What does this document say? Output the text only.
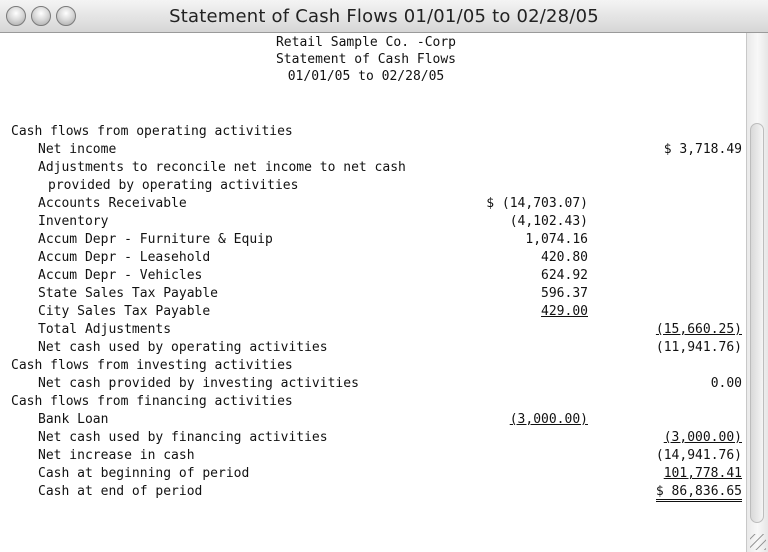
Statement of Cash Flows 01/01/05 to 02/28/05
Retail Sample Co. -Corp
Statement of Cash Flows
01/01/05 to 02/28/05
Cash flows from operating activities
Net income	$ 3,718.49
Adjustments to reconcile net income to net cash
provided by operating activities
Accounts Receivable	$ (14,703.07)
Inventory	(4,102.43)
Accum Depr - Furniture & Equip	1,074.16
Accum Depr - Leasehold	420.80
Accum Depr - Vehicles	624.92
State Sales Tax Payable	596.37
City Sales Tax Payable	429.00
Total Adjustments	(15,660.25)
Net cash used by operating activities	(11,941.76)
Cash flows from investing activities
Net cash provided by investing activities	0.00
Cash flows from financing activities
Bank Loan	(3,000.00)
Net cash used by financing activities	(3,000.00)
Net increase in cash	(14,941.76)
Cash at beginning of period	101,778.41
Cash at end of period	$ 86,836.65
